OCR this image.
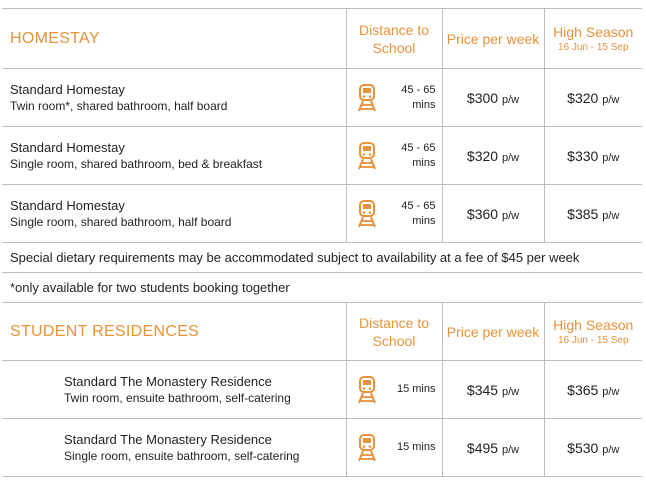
HOMESTAY	Distance to School	Price per week	High Season
16 Jun - 15 Sep

Standard Homestay
Twin room*, shared bathroom, half board	45 - 65 mins	$300 p/w	$320 p/w

Standard Homestay
Single room, shared bathroom, bed & breakfast	45 - 65 mins	$320 p/w	$330 p/w

Standard Homestay
Single room, shared bathroom, half board	45 - 65 mins	$360 p/w	$385 p/w
Special dietary requirements may be accommodated subject to availability at a fee of $45 per week			
*only available for two students booking together			
STUDENT RESIDENCES	Distance to School	Price per week	High Season
16 Jun - 15 Sep

Standard The Monastery Residence
Twin room, ensuite bathroom, self-catering	15 mins	$345 p/w	$365 p/w

Standard The Monastery Residence
Single room, ensuite bathroom, self-catering	15 mins	$495 p/w	$530 p/w
